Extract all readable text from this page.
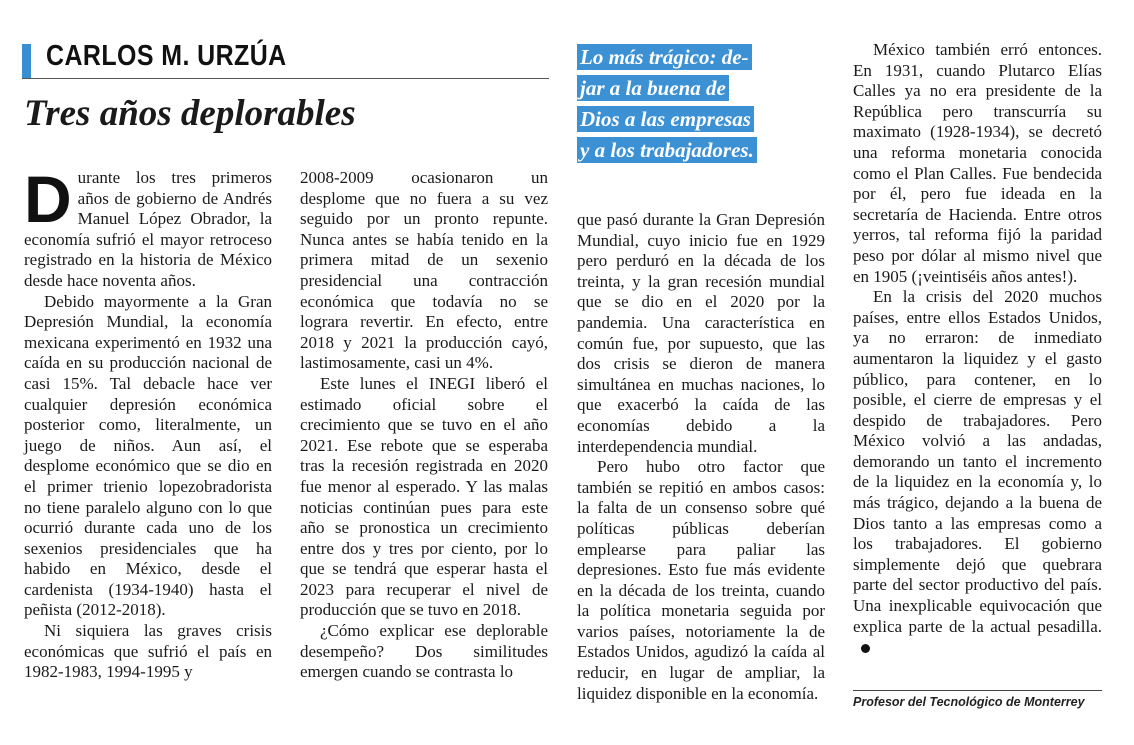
CARLOS M. URZÚA
Tres años deplorables

Durante los tres primeros años de gobierno de Andrés Manuel López Obrador, la economía sufrió el mayor retroceso registrado en la historia de México desde hace noventa años.

Debido mayormente a la Gran Depresión Mundial, la economía mexicana experimentó en 1932 una caída en su producción nacional de casi 15%. Tal debacle hace ver cualquier depresión económica posterior como, literalmente, un juego de niños. Aun así, el desplome económico que se dio en el primer trienio lopezobradorista no tiene paralelo alguno con lo que ocurrió durante cada uno de los sexenios presidenciales que ha habido en México, desde el cardenista (1934-1940) hasta el peñista (2012-2018).

Ni siquiera las graves crisis económicas que sufrió el país en 1982-1983, 1994-1995 y

2008-2009 ocasionaron un desplome que no fuera a su vez seguido por un pronto repunte. Nunca antes se había tenido en la primera mitad de un sexenio presidencial una contracción económica que todavía no se lograra revertir. En efecto, entre 2018 y 2021 la producción cayó, lastimosamente, casi un 4%.

Este lunes el INEGI liberó el estimado oficial sobre el crecimiento que se tuvo en el año 2021. Ese rebote que se esperaba tras la recesión registrada en 2020 fue menor al esperado. Y las malas noticias continúan pues para este año se pronostica un crecimiento entre dos y tres por ciento, por lo que se tendrá que esperar hasta el 2023 para recuperar el nivel de producción que se tuvo en 2018.

¿Cómo explicar ese deplorable desempeño? Dos similitudes emergen cuando se contrasta lo

Lo más trágico: de-
jar a la buena de
Dios a las empresas
y a los trabajadores.

que pasó durante la Gran Depresión Mundial, cuyo inicio fue en 1929 pero perduró en la década de los treinta, y la gran recesión mundial que se dio en el 2020 por la pandemia. Una característica en común fue, por supuesto, que las dos crisis se dieron de manera simultánea en muchas naciones, lo que exacerbó la caída de las economías debido a la interdependencia mundial.

Pero hubo otro factor que también se repitió en ambos casos: la falta de un consenso sobre qué políticas públicas deberían emplearse para paliar las depresiones. Esto fue más evidente en la década de los treinta, cuando la política monetaria seguida por varios países, notoriamente la de Estados Unidos, agudizó la caída al reducir, en lugar de ampliar, la liquidez disponible en la economía.

México también erró entonces. En 1931, cuando Plutarco Elías Calles ya no era presidente de la República pero transcurría su maximato (1928-1934), se decretó una reforma monetaria conocida como el Plan Calles. Fue bendecida por él, pero fue ideada en la secretaría de Hacienda. Entre otros yerros, tal reforma fijó la paridad peso por dólar al mismo nivel que en 1905 (¡veintiséis años antes!).

En la crisis del 2020 muchos países, entre ellos Estados Unidos, ya no erraron: de inmediato aumentaron la liquidez y el gasto público, para contener, en lo posible, el cierre de empresas y el despido de trabajadores. Pero México volvió a las andadas, demorando un tanto el incremento de la liquidez en la economía y, lo más trágico, dejando a la buena de Dios tanto a las empresas como a los trabajadores. El gobierno simplemente dejó que quebrara parte del sector productivo del país. Una inexplicable equivocación que explica parte de la actual pesadilla.

Profesor del Tecnológico de Monterrey
